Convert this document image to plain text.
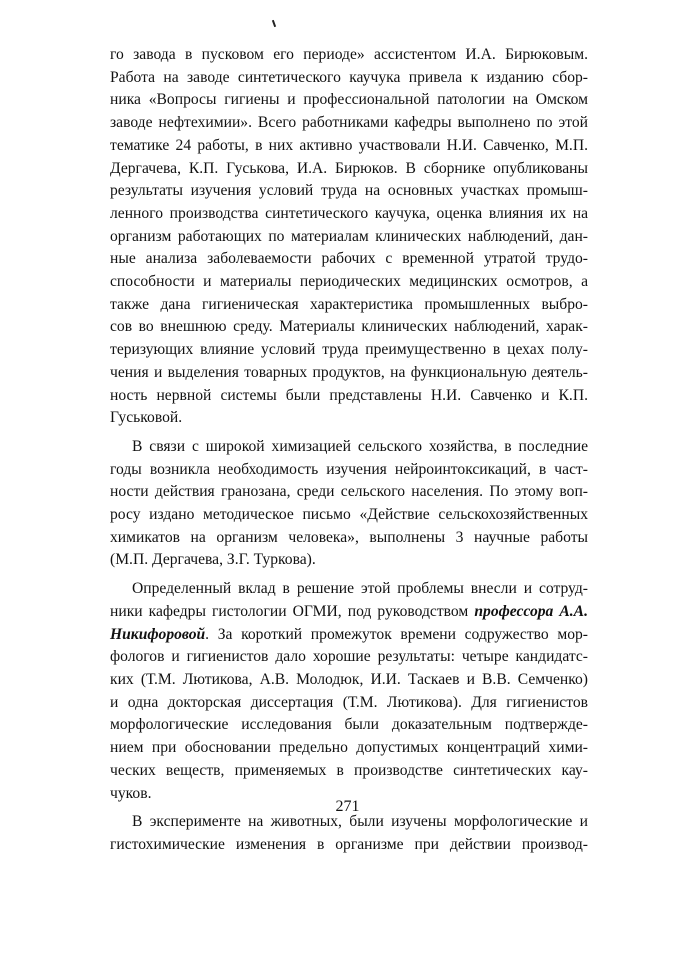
го завода в пусковом его периоде» ассистентом И.А. Бирюковым.
Работа на заводе синтетического каучука привела к изданию сбор-
ника «Вопросы гигиены и профессиональной патологии на Омском
заводе нефтехимии». Всего работниками кафедры выполнено по этой
тематике 24 работы, в них активно участвовали Н.И. Савченко, М.П.
Дергачева, К.П. Гуськова, И.А. Бирюков. В сборнике опубликованы
результаты изучения условий труда на основных участках промыш-
ленного производства синтетического каучука, оценка влияния их на
организм работающих по материалам клинических наблюдений, дан-
ные анализа заболеваемости рабочих с временной утратой трудо-
способности и материалы периодических медицинских осмотров, а
также дана гигиеническая характеристика промышленных выбро-
сов во внешнюю среду. Материалы клинических наблюдений, харак-
теризующих влияние условий труда преимущественно в цехах полу-
чения и выделения товарных продуктов, на функциональную деятель-
ность нервной системы были представлены Н.И. Савченко и К.П.
Гуськовой.

В связи с широкой химизацией сельского хозяйства, в последние
годы возникла необходимость изучения нейроинтоксикаций, в част-
ности действия гранозана, среди сельского населения. По этому воп-
росу издано методическое письмо «Действие сельскохозяйственных
химикатов на организм человека», выполнены 3 научные работы
(М.П. Дергачева, З.Г. Туркова).

Определенный вклад в решение этой проблемы внесли и сотруд-
ники кафедры гистологии ОГМИ, под руководством профессора А.А.
Никифоровой. За короткий промежуток времени содружество мор-
фологов и гигиенистов дало хорошие результаты: четыре кандидатс-
ких (Т.М. Лютикова, А.В. Молодюк, И.И. Таскаев и В.В. Семченко)
и одна докторская диссертация (Т.М. Лютикова). Для гигиенистов
морфологические исследования были доказательным подтвержде-
нием при обосновании предельно допустимых концентраций хими-
ческих веществ, применяемых в производстве синтетических кау-
чуков.

В эксперименте на животных, были изучены морфологические и
гистохимические изменения в организме при действии производ-

271
